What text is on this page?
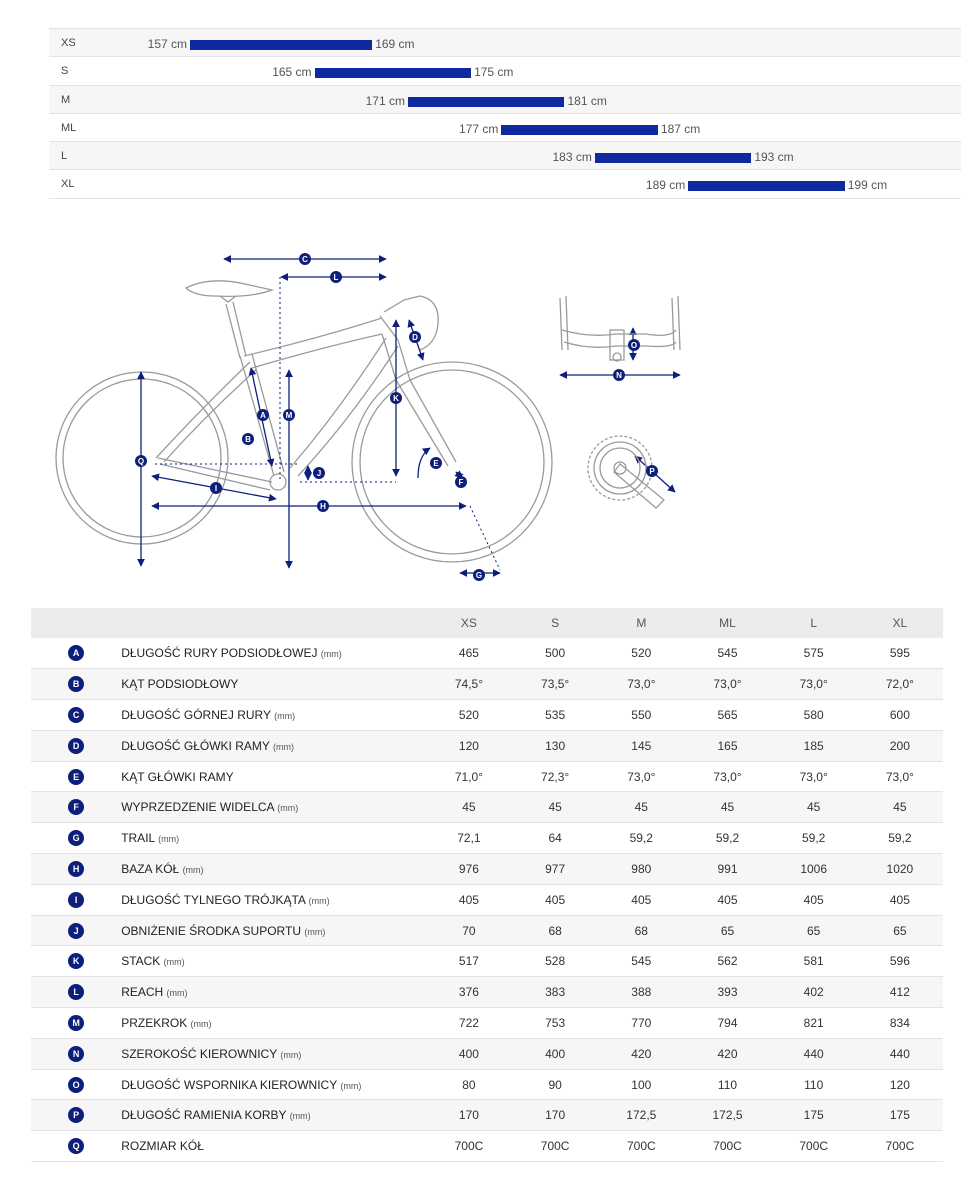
XS	157 cm	169 cm
S	165 cm	175 cm
M	171 cm	181 cm
ML	177 cm	187 cm
L	183 cm	193 cm
XL	189 cm	199 cm
C
L
D
K
M
A
B
Q
J
I
H
E
F
G
O
N
P
		XS	S	M	ML	L	XL
A	DŁUGOŚĆ RURY PODSIODŁOWEJ (mm)	465	500	520	545	575	595
B	KĄT PODSIODŁOWY	74,5°	73,5°	73,0°	73,0°	73,0°	72,0°
C	DŁUGOŚĆ GÓRNEJ RURY (mm)	520	535	550	565	580	600
D	DŁUGOŚĆ GŁÓWKI RAMY (mm)	120	130	145	165	185	200
E	KĄT GŁÓWKI RAMY	71,0°	72,3°	73,0°	73,0°	73,0°	73,0°
F	WYPRZEDZENIE WIDELCA (mm)	45	45	45	45	45	45
G	TRAIL (mm)	72,1	64	59,2	59,2	59,2	59,2
H	BAZA KÓŁ (mm)	976	977	980	991	1006	1020
I	DŁUGOŚĆ TYLNEGO TRÓJKĄTA (mm)	405	405	405	405	405	405
J	OBNIŻENIE ŚRODKA SUPORTU (mm)	70	68	68	65	65	65
K	STACK (mm)	517	528	545	562	581	596
L	REACH (mm)	376	383	388	393	402	412
M	PRZEKROK (mm)	722	753	770	794	821	834
N	SZEROKOŚĆ KIEROWNICY (mm)	400	400	420	420	440	440
O	DŁUGOŚĆ WSPORNIKA KIEROWNICY (mm)	80	90	100	110	110	120
P	DŁUGOŚĆ RAMIENIA KORBY (mm)	170	170	172,5	172,5	175	175
Q	ROZMIAR KÓŁ	700C	700C	700C	700C	700C	700C
